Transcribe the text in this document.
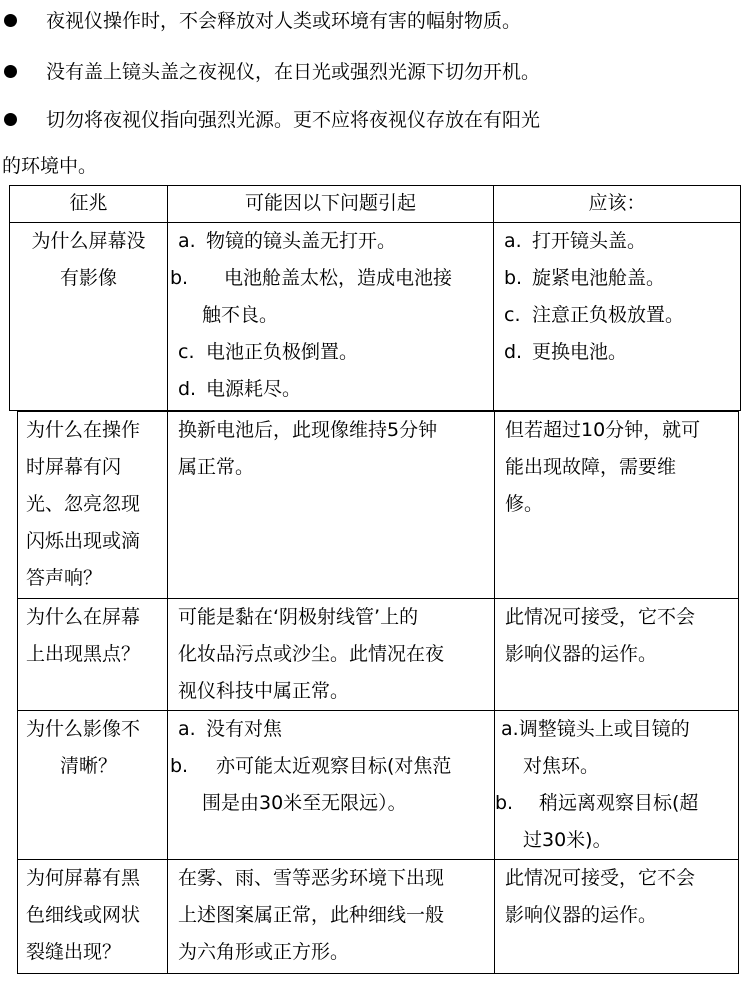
夜视仪操作时，不会释放对人类或环境有害的幅射物质。
没有盖上镜头盖之夜视仪，在日光或强烈光源下切勿开机。
切勿将夜视仪指向强烈光源。更不应将夜视仪存放在有阳光
的环境中。
征兆	可能因以下问题引起	应该：

为什么屏幕没
有影像	a. 物镜的镜头盖无打开。
b. 电池舱盖太松，造成电池接
触不良。
c. 电池正负极倒置。
d. 电源耗尽。	a. 打开镜头盖。
b. 旋紧电池舱盖。
c. 注意正负极放置。
d. 更换电池。
为什么在操作
时屏幕有闪
光、忽亮忽现
闪烁出现或滴
答声响？	换新电池后，此现像维持5分钟
属正常。	但若超过10分钟，就可
能出现故障，需要维
修。

为什么在屏幕
上出现黑点？	可能是黏在‘阴极射线管’上的
化妆品污点或沙尘。此情况在夜
视仪科技中属正常。	此情况可接受，它不会
影响仪器的运作。

为什么影像不
清晰？	a. 没有对焦
b. 亦可能太近观察目标(对焦范
围是由30米至无限远）。	a.调整镜头上或目镜的
对焦环。
b. 稍远离观察目标(超
过30米)。

为何屏幕有黑
色细线或网状
裂缝出现？	在雾、雨、雪等恶劣环境下出现
上述图案属正常，此种细线一般
为六角形或正方形。	此情况可接受，它不会
影响仪器的运作。
